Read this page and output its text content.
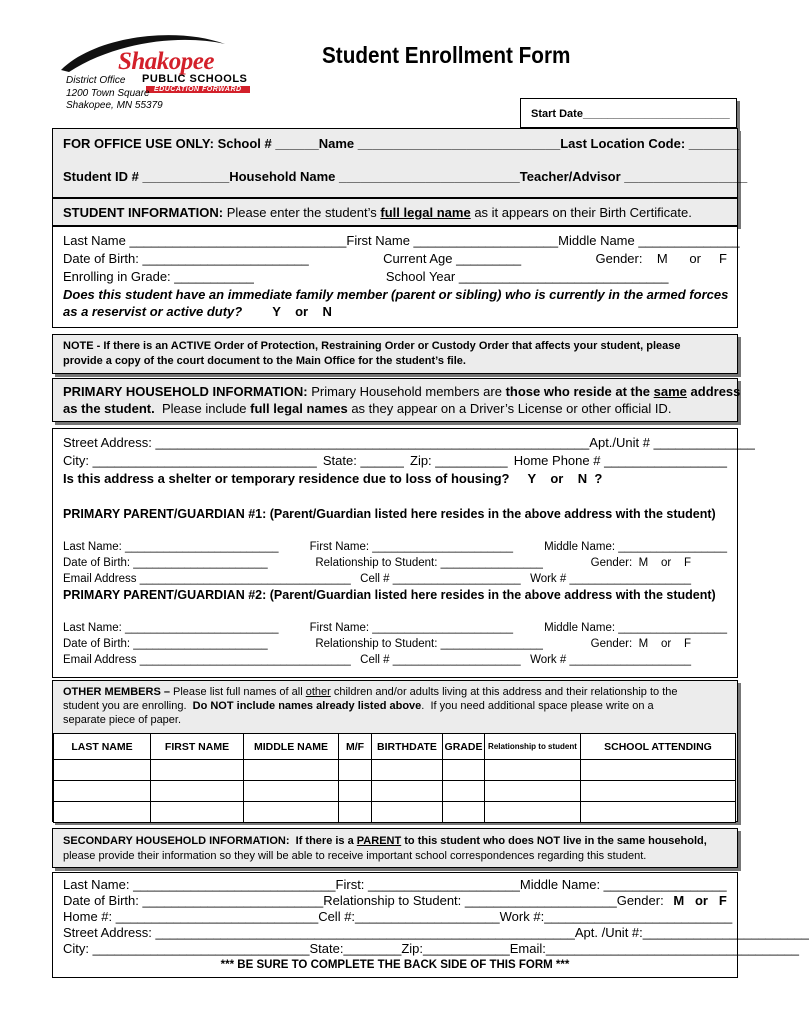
Shakopee
PUBLIC SCHOOLS
EDUCATION FORWARD
District Office
1200 Town Square
Shakopee, MN 55379
Student Enrollment Form
Start Date________________________
FOR OFFICE USE ONLY: School # ______ Name ____________________________ Last Location Code: _______
Student ID # ____________ Household Name _________________________ Teacher/Advisor _________________
STUDENT INFORMATION: Please enter the student’s full legal name as it appears on their Birth Certificate.
Last Name ______________________________ First Name ____________________ Middle Name ______________
Date of Birth: _______________________	Current Age _________	Gender:    M      or     F
Enrolling in Grade: ___________	School Year _____________________________
Does this student have an immediate family member (parent or sibling) who is currently in the armed forces
as a reservist or active duty? Y    or    N
NOTE - If there is an ACTIVE Order of Protection, Restraining Order or Custody Order that affects your student, please
provide a copy of the court document to the Main Office for the student’s file.
PRIMARY HOUSEHOLD INFORMATION: Primary Household members are those who reside at the same address
as the student. Please include full legal names as they appear on a Driver’s License or other official ID.
Street Address: ____________________________________________________________ Apt./Unit # ______________
City: _______________________________ State: ______ Zip: __________ Home Phone # _________________
Is this address a shelter or temporary residence due to loss of housing? Y    or    N  ?
PRIMARY PARENT/GUARDIAN #1: (Parent/Guardian listed here resides in the above address with the student)
Last Name: ________________________	First Name: ______________________	Middle Name: _________________
Date of Birth: _____________________	Relationship to Student: ________________	Gender:  M    or    F
Email Address _________________________________ Cell # ____________________ Work # ___________________
PRIMARY PARENT/GUARDIAN #2 : (Parent/Guardian listed here resides in the above address with the student)
Last Name: ________________________	First Name: ______________________	Middle Name: _________________
Date of Birth: _____________________	Relationship to Student: ________________	Gender:  M    or    F
Email Address _________________________________ Cell # ____________________ Work # ___________________
OTHER MEMBERS – Please list full names of all other children and/or adults living at this address and their relationship to the
student you are enrolling.  Do NOT include names already listed above.  If you need additional space please write on a
separate piece of paper.
LAST NAME	FIRST NAME	MIDDLE NAME	M/F	BIRTHDATE	GRADE	Relationship to student	SCHOOL ATTENDING

SECONDARY HOUSEHOLD INFORMATION:  If there is a PARENT to this student who does NOT live in the same household,
please provide their information so they will be able to receive important school correspondences regarding this student.
Last Name: ____________________________ First: _____________________ Middle Name: _________________
Date of Birth: _________________________ Relationship to Student: _____________________ Gender: M   or   F
Home #: ____________________________ Cell #:____________________ Work #:__________________________
Street Address: __________________________________________________________ Apt. /Unit #:_______________________
City: ______________________________ State:________ Zip:____________ Email:___________________________________
*** BE SURE TO COMPLETE THE BACK SIDE OF THIS FORM ***
